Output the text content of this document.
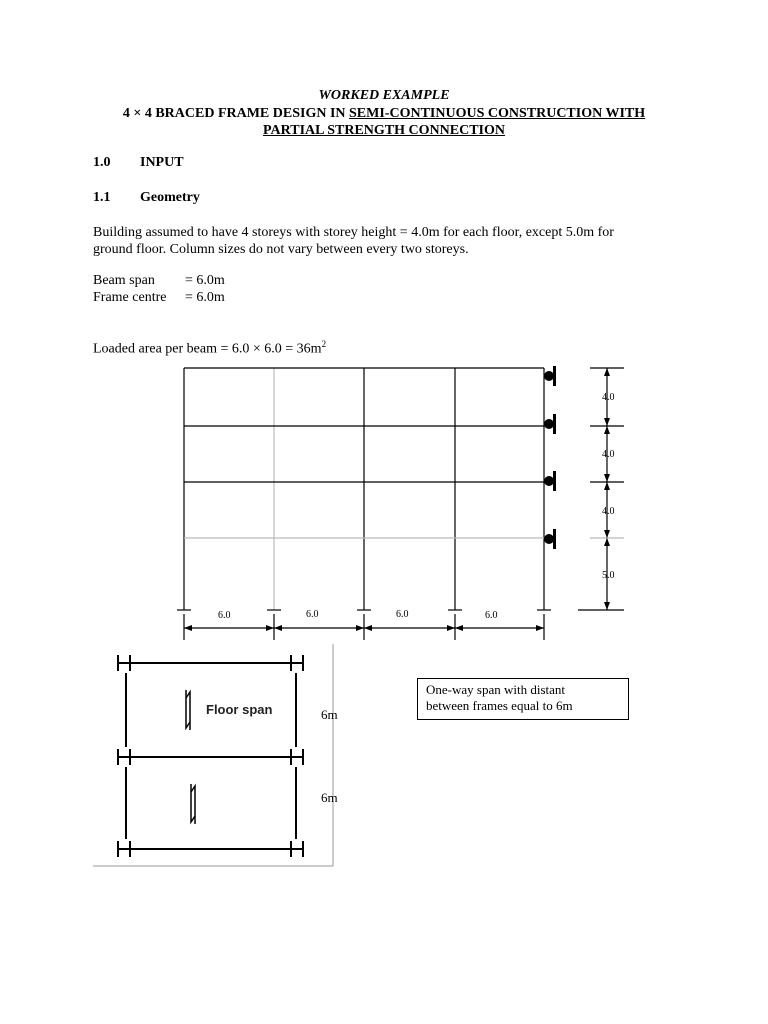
WORKED EXAMPLE
4 × 4 BRACED FRAME DESIGN IN SEMI-CONTINUOUS CONSTRUCTION WITH
PARTIAL STRENGTH CONNECTION
1.0 INPUT
1.1 Geometry

Building assumed to have 4 storeys with storey height = 4.0m for each floor, except 5.0m for

ground floor. Column sizes do not vary between every two storeys.

Beam span = 6.0m
Frame centre = 6.0m
Loaded area per beam = $6.0 \times 6.0 = 36m^2$
6.0	6.0	6.0	6.0
4.0
4.0
4.0
5.0
Floor span	6m
6m

One-way span with distant

between frames equal to 6m
